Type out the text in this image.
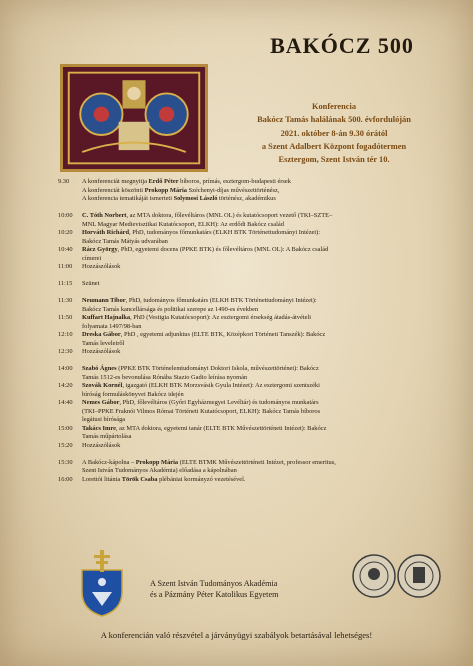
BAKÓCZ 500
Konferencia
Bakócz Tamás halálának 500. évfordulóján
2021. október 8-án 9.30 órától
a Szent Adalbert Központ fogadótermen
Esztergom, Szent István tér 10.
9.30	A konferenciát megnyitja Erdő Péter bíboros, prímás, esztergom-budapesti érsek
A konferenciát köszönti Prokopp Mária Széchenyi-díjas művészettörténész,
A konferencia tematikáját ismerteti Solymosi László történész, akadémikus

10:00	C. Tóth Norbert, az MTA doktora, főlevéltáros (MNL OL) és kutatócsoport vezető (TKI–SZTE–
MNL Magyar Medievisztikai Kutatócsoport, ELKH): Az erdődi Bakócz család
10:20	Horváth Richárd, PhD, tudományos főmunkatárs (ELKH BTK Történettudományi Intézet):
Bakócz Tamás Mátyás udvarában
10:40	Rácz György, PhD, egyetemi docens (PPKE BTK) és főlevéltáros (MNL OL): A Bakócz család
címerei
11:00	Hozzászólások

11:15	Szünet

11:30	Neumann Tibor, PhD, tudományos főmunkatárs (ELKH BTK Történettudományi Intézet):
Bakócz Tamás kancellársága és politikai szerepe az 1490-es években
11:50	Kuffart Hajnalka, PhD (Vestigia Kutatócsoport): Az esztergomi érsekség átadás-átvételi
folyamata 1497/98-ban
12:10	Dreska Gábor, PhD , egyetemi adjunktus (ELTE BTK, Középkori Történeti Tanszék): Bakócz
Tamás leveleiről
12:30	Hozzászólások

14:00	Szabó Ágnes (PPKE BTK Történelemtudományi Doktori Iskola, művészettörténet): Bakócz
Tamás 1512-es bevonulása Rónába Stazio Gadio leírása nyomán
14:20	Szovák Kornél, igazgató (ELKH BTK Morzsvásik Gyula Intézet): Az esztergomi szentszéki
bíróság formuláskönyvei Bakócz idején
14:40	Nemes Gábor, PhD, főlevéltáros (Győri Egyházmegyei Levéltár) és tudományos munkatárs
(TKI–PPKE Fraknói Vilmos Római Történeti Kutatócsoport, ELKH): Bakócz Tamás bíboros
legátusi bírósága
15:00	Takács Imre, az MTA doktora, egyetemi tanár (ELTE BTK Művészettörténeti Intézet): Bakócz
Tamás műpártolása
15:20	Hozzászólások

15:30	A Bakócz-kápolna – Prokopp Mária (ELTE BTMK Művészettörténeti Intézet, professor emeritus,
Szent István Tudományos Akadémia) előadása a kápolnában
16:00	Lorettói litánia Török Csaba plébániai kormányzó vezetésével.
A Szent István Tudományos Akadémia
és a Pázmány Péter Katolikus Egyetem
A konferencián való részvétel a járványügyi szabályok betartásával lehetséges!
